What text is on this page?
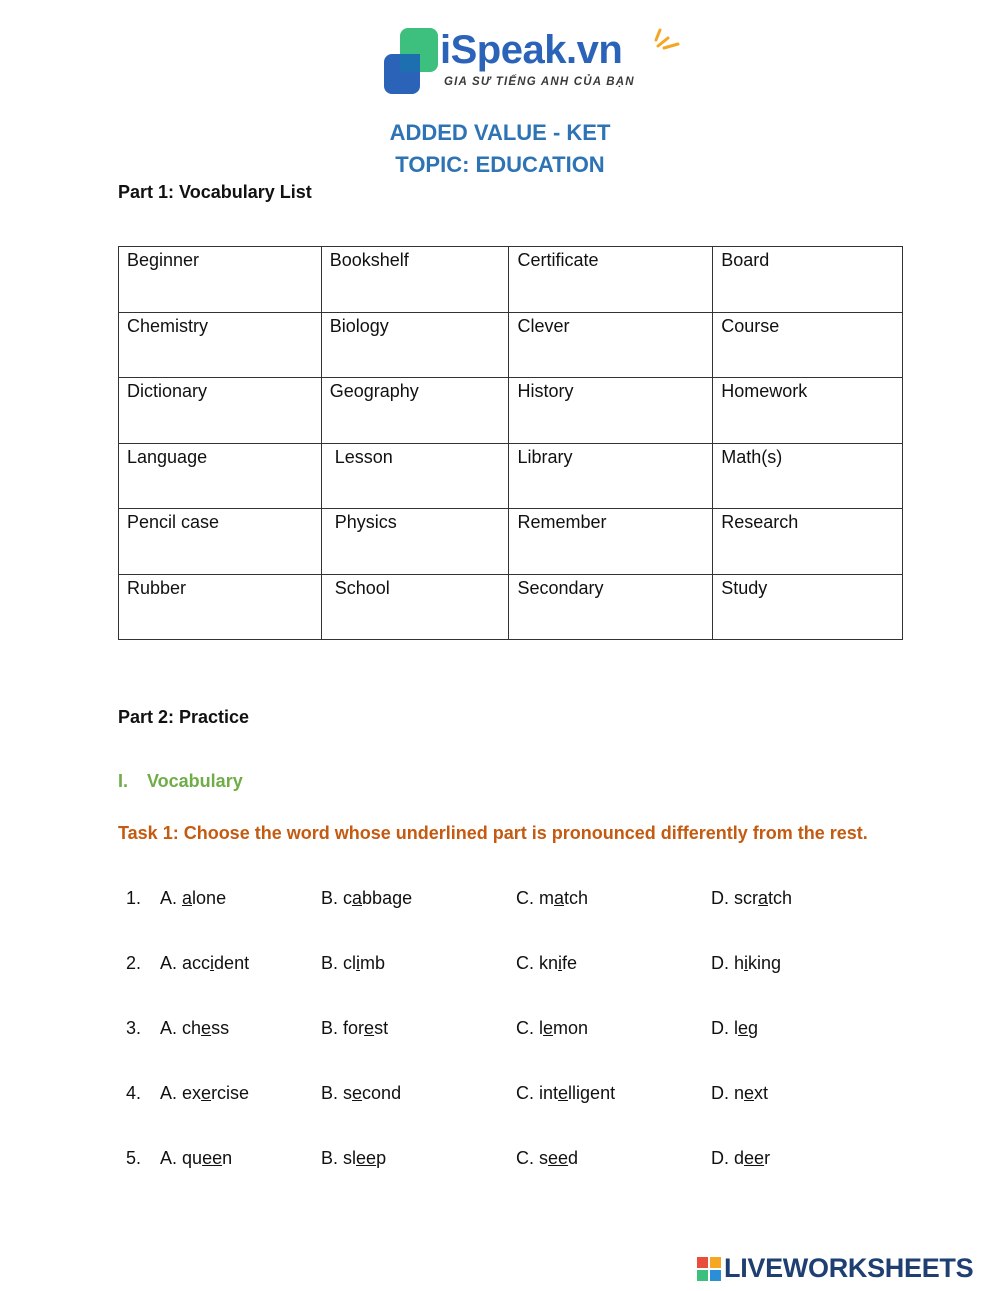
iSpeak.vn
GIA SƯ TIẾNG ANH CỦA BẠN
ADDED VALUE - KET
TOPIC: EDUCATION
Part 1: Vocabulary List
Beginner	Bookshelf	Certificate	Board
Chemistry	Biology	Clever	Course
Dictionary	Geography	History	Homework
Language	Lesson	Library	Math(s)
Pencil case	Physics	Remember	Research
Rubber	School	Secondary	Study
Part 2: Practice
I. Vocabulary

Task 1: Choose the word whose underlined part is pronounced differently from the rest.

1. A. alone	B. cabbage	C. match	D. scratch
2. A. accident	B. climb	C. knife	D. hiking
3. A. chess	B. forest	C. lemon	D. leg
4. A. exercise	B. second	C. intelligent	D. next
5. A. queen	B. sleep	C. seed	D. deer
LIVEWORKSHEETS
